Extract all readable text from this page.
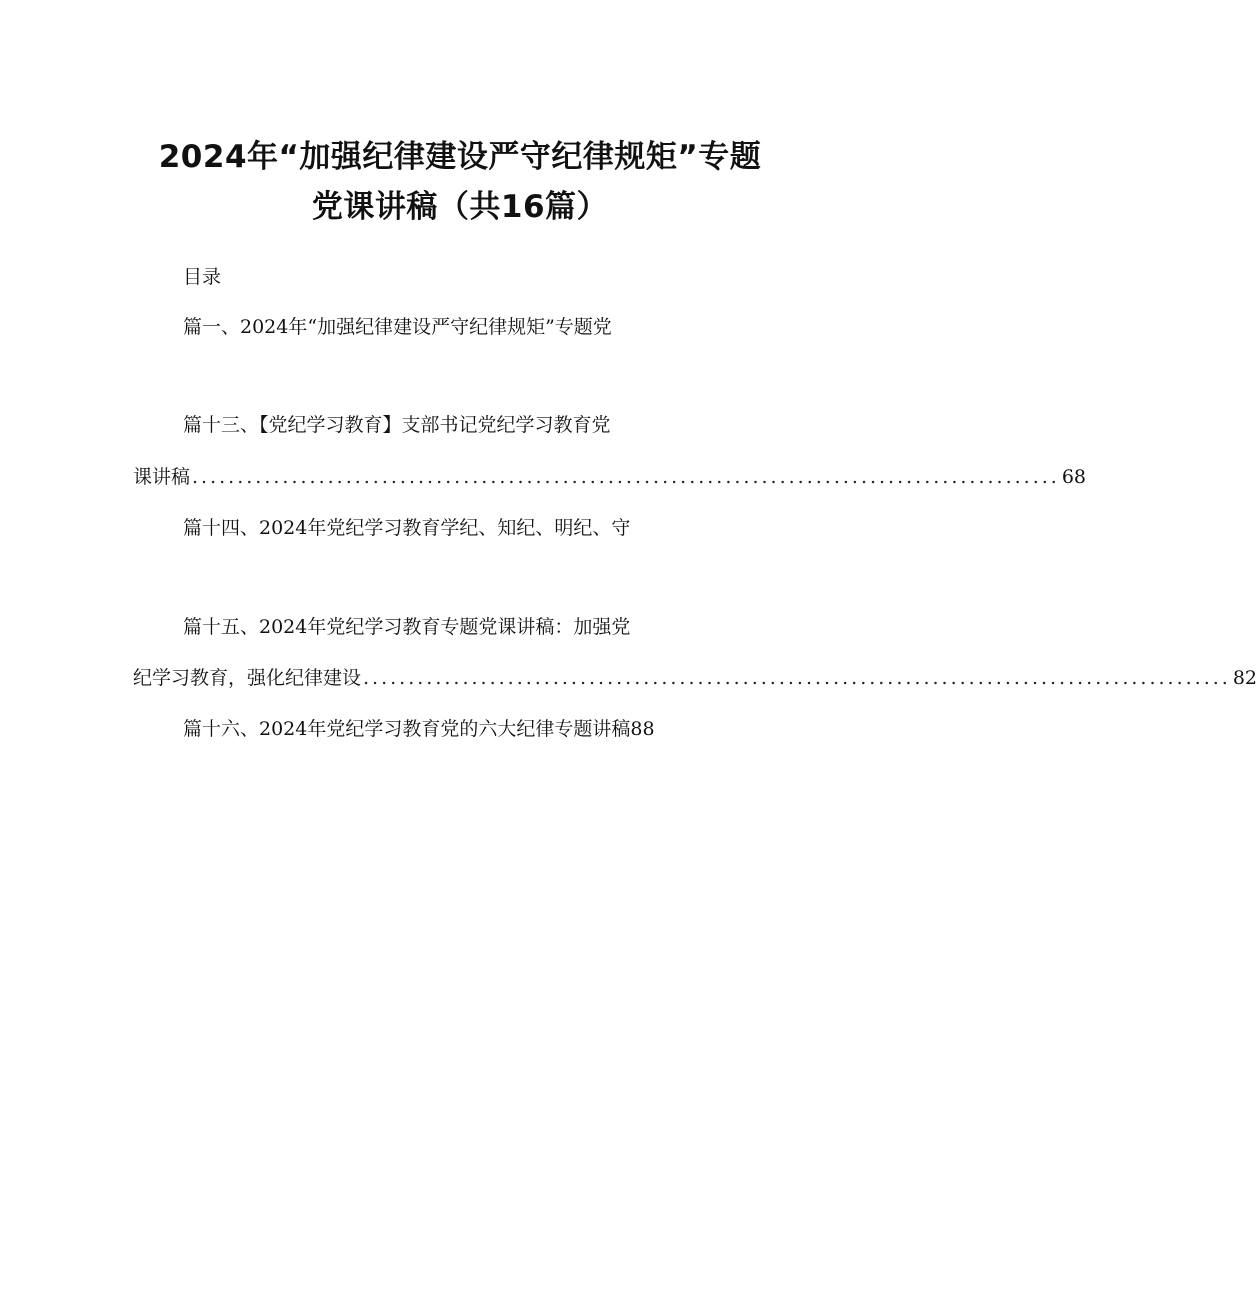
2024年“加强纪律建设严守纪律规矩”专题
党课讲稿（共16篇）
目录
篇一、2024年“加强纪律建设严守纪律规矩”专题党
篇十三、【党纪学习教育】支部书记党纪学习教育党
课讲稿 ................................................................................................ 68
篇十四、2024年党纪学习教育学纪、知纪、明纪、守
篇十五、2024年党纪学习教育专题党课讲稿：加强党
纪学习教育，强化纪律建设 ................................................................................................ 82
篇十六、2024年党纪学习教育党的六大纪律专题讲稿88
